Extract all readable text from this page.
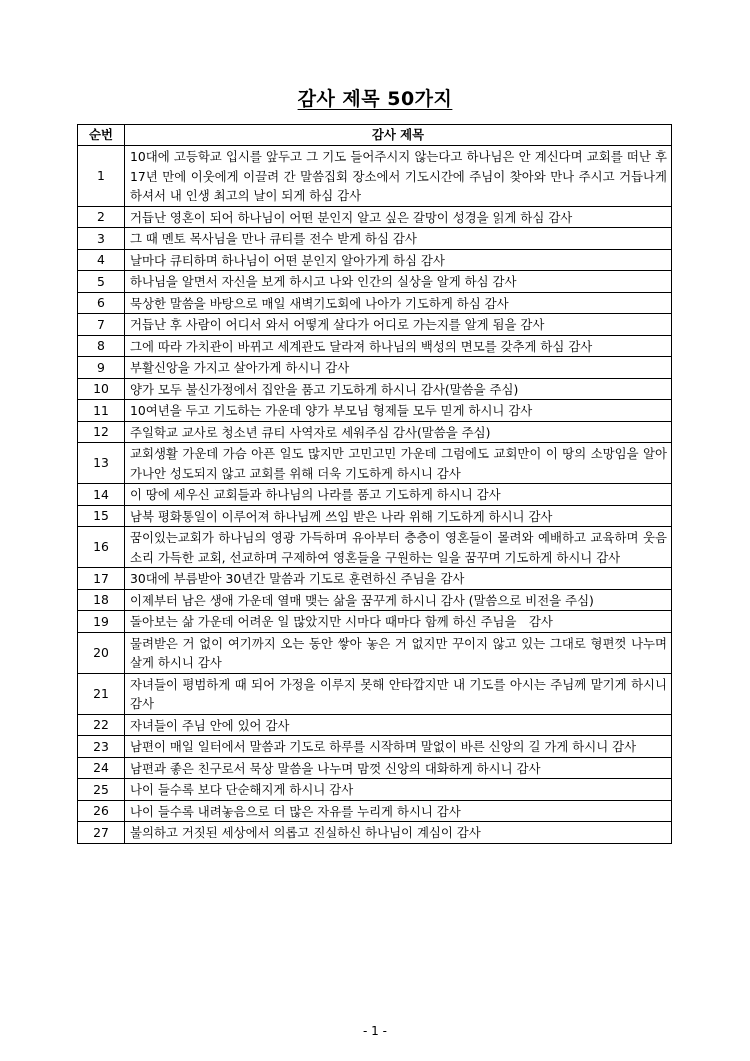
감사 제목 50가지
순번	감사 제목
1	10대에 고등학교 입시를 앞두고 그 기도 들어주시지 않는다고 하나님은 안 계신다며 교회를 떠난 후 17년 만에 이웃에게 이끌려 간 말씀집회 장소에서 기도시간에 주님이 찾아와 만나 주시고 거듭나게 하셔서 내 인생 최고의 날이 되게 하심 감사
2	거듭난 영혼이 되어 하나님이 어떤 분인지 알고 싶은 갈망이 성경을 읽게 하심 감사
3	그 때 멘토 목사님을 만나 큐티를 전수 받게 하심 감사
4	날마다 큐티하며 하나님이 어떤 분인지 알아가게 하심 감사
5	하나님을 알면서 자신을 보게 하시고 나와 인간의 실상을 알게 하심 감사
6	묵상한 말씀을 바탕으로 매일 새벽기도회에 나아가 기도하게 하심 감사
7	거듭난 후 사람이 어디서 와서 어떻게 살다가 어디로 가는지를 알게 됨을 감사
8	그에 따라 가치관이 바뀌고 세계관도 달라져 하나님의 백성의 면모를 갖추게 하심 감사
9	부활신앙을 가지고 살아가게 하시니 감사
10	양가 모두 불신가정에서 집안을 품고 기도하게 하시니 감사(말씀을 주심)
11	10여년을 두고 기도하는 가운데 양가 부모님 형제들 모두 믿게 하시니 감사
12	주일학교 교사로 청소년 큐티 사역자로 세워주심 감사(말씀을 주심)
13	교회생활 가운데 가슴 아픈 일도 많지만 고민고민 가운데 그럼에도 교회만이 이 땅의 소망임을 알아 가나안 성도되지 않고 교회를 위해 더욱 기도하게 하시니 감사
14	이 땅에 세우신 교회들과 하나님의 나라를 품고 기도하게 하시니 감사
15	남북 평화통일이 이루어져 하나님께 쓰임 받은 나라 위해 기도하게 하시니 감사
16	꿈이있는교회가 하나님의 영광 가득하며 유아부터 층층이 영혼들이 몰려와 예배하고 교육하며 웃음소리 가득한 교회, 선교하며 구제하여 영혼들을 구원하는 일을 꿈꾸며 기도하게 하시니 감사
17	30대에 부름받아 30년간 말씀과 기도로 훈련하신 주님을 감사
18	이제부터 남은 생애 가운데 열매 맺는 삶을 꿈꾸게 하시니 감사 (말씀으로 비전을 주심)
19	돌아보는 삶 가운데 어려운 일 많았지만 시마다 때마다 함께 하신 주님을　감사
20	물려받은 거 없이 여기까지 오는 동안 쌓아 놓은 거 없지만 꾸이지 않고 있는 그대로 형편껏 나누며 살게 하시니 감사
21	자녀들이 평범하게 때 되어 가정을 이루지 못해 안타깝지만 내 기도를 아시는 주님께 맡기게 하시니 감사
22	자녀들이 주님 안에 있어 감사
23	남편이 매일 일터에서 말씀과 기도로 하루를 시작하며 말없이 바른 신앙의 길 가게 하시니 감사
24	남편과 좋은 친구로서 묵상 말씀을 나누며 맘껏 신앙의 대화하게 하시니 감사
25	나이 들수록 보다 단순해지게 하시니 감사
26	나이 들수록 내려놓음으로 더 많은 자유를 누리게 하시니 감사
27	불의하고 거짓된 세상에서 의롭고 진실하신 하나님이 계심이 감사
- 1 -
